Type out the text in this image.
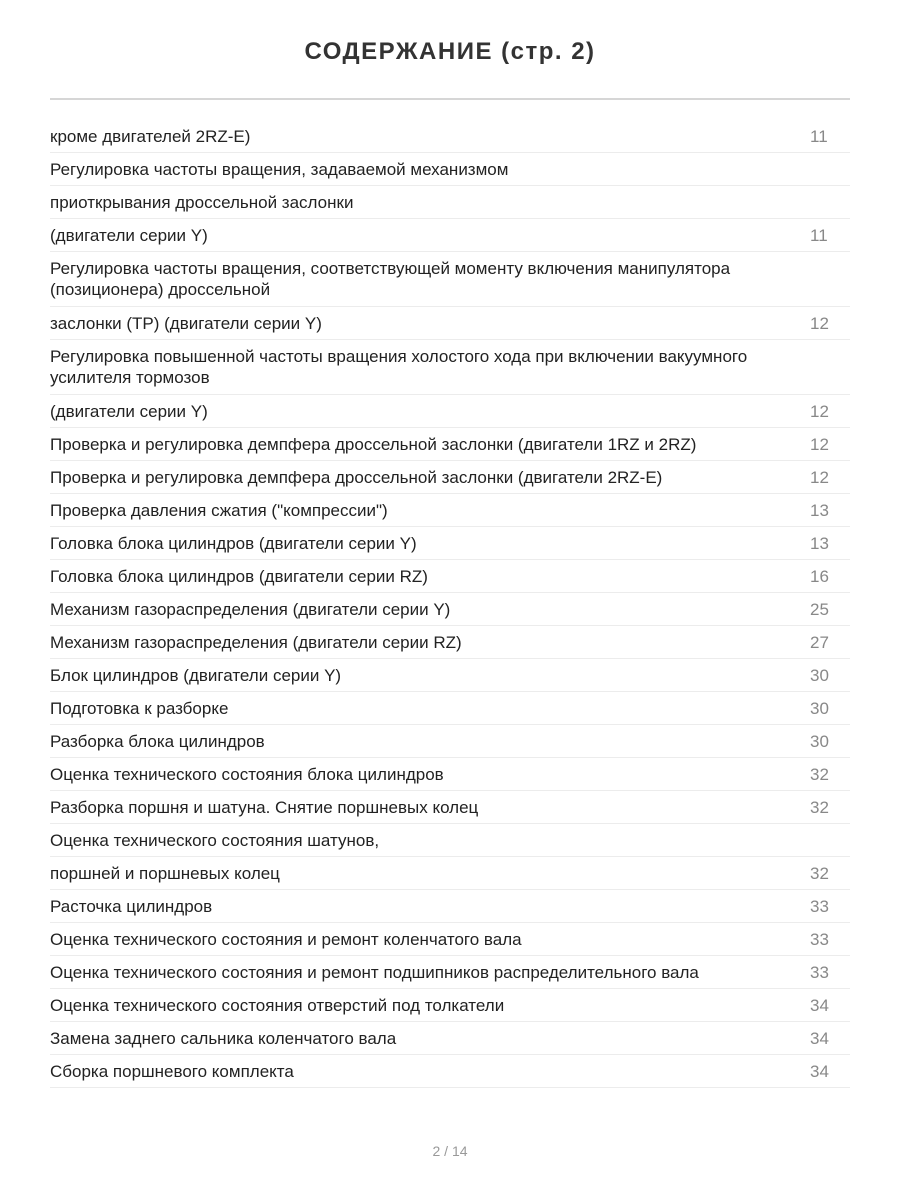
СОДЕРЖАНИЕ (стр. 2)
кроме двигателей 2RZ-E)	11
Регулировка частоты вращения, задаваемой механизмом
приоткрывания дроссельной заслонки
(двигатели серии Y)	11
Регулировка частоты вращения, соответствующей моменту включения манипулятора (позиционера) дроссельной
заслонки (ТР) (двигатели серии Y)	12
Регулировка повышенной частоты вращения холостого хода при включении вакуумного усилителя тормозов
(двигатели серии Y)	12
Проверка и регулировка демпфера дроссельной заслонки (двигатели 1RZ и 2RZ)	12
Проверка и регулировка демпфера дроссельной заслонки (двигатели 2RZ-E)	12
Проверка давления сжатия ("компрессии")	13
Головка блока цилиндров (двигатели серии Y)	13
Головка блока цилиндров (двигатели серии RZ)	16
Механизм газораспределения (двигатели серии Y)	25
Механизм газораспределения (двигатели серии RZ)	27
Блок цилиндров (двигатели серии Y)	30
Подготовка к разборке	30
Разборка блока цилиндров	30
Оценка технического состояния блока цилиндров	32
Разборка поршня и шатуна. Снятие поршневых колец	32
Оценка технического состояния шатунов,
поршней и поршневых колец	32
Расточка цилиндров	33
Оценка технического состояния и ремонт коленчатого вала	33
Оценка технического состояния и ремонт подшипников распределительного вала	33
Оценка технического состояния отверстий под толкатели	34
Замена заднего сальника коленчатого вала	34
Сборка поршневого комплекта	34
2 / 14
